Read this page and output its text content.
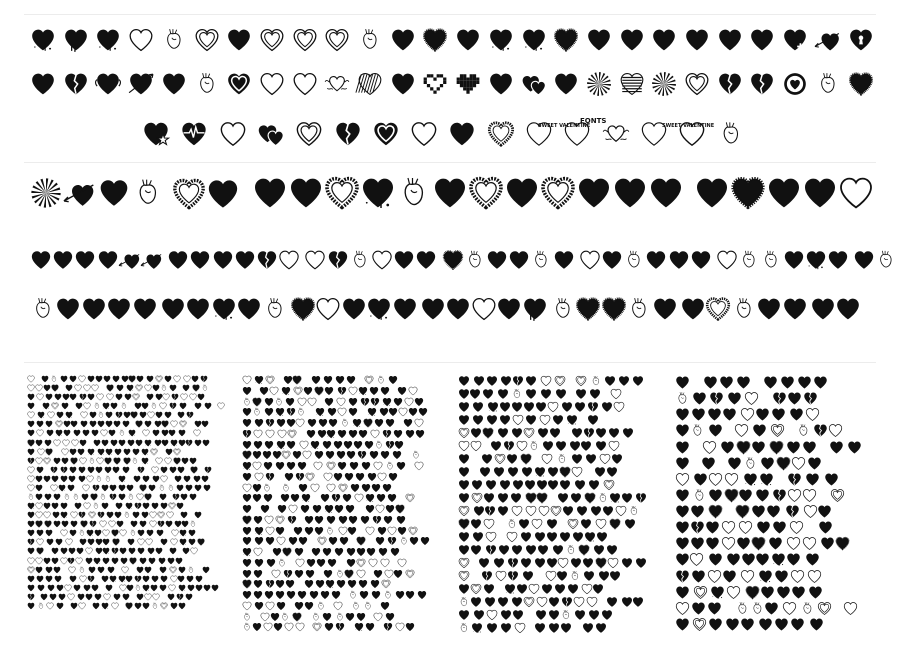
SWEET VALENTINE
FONTS
SWEET VALENTINE
